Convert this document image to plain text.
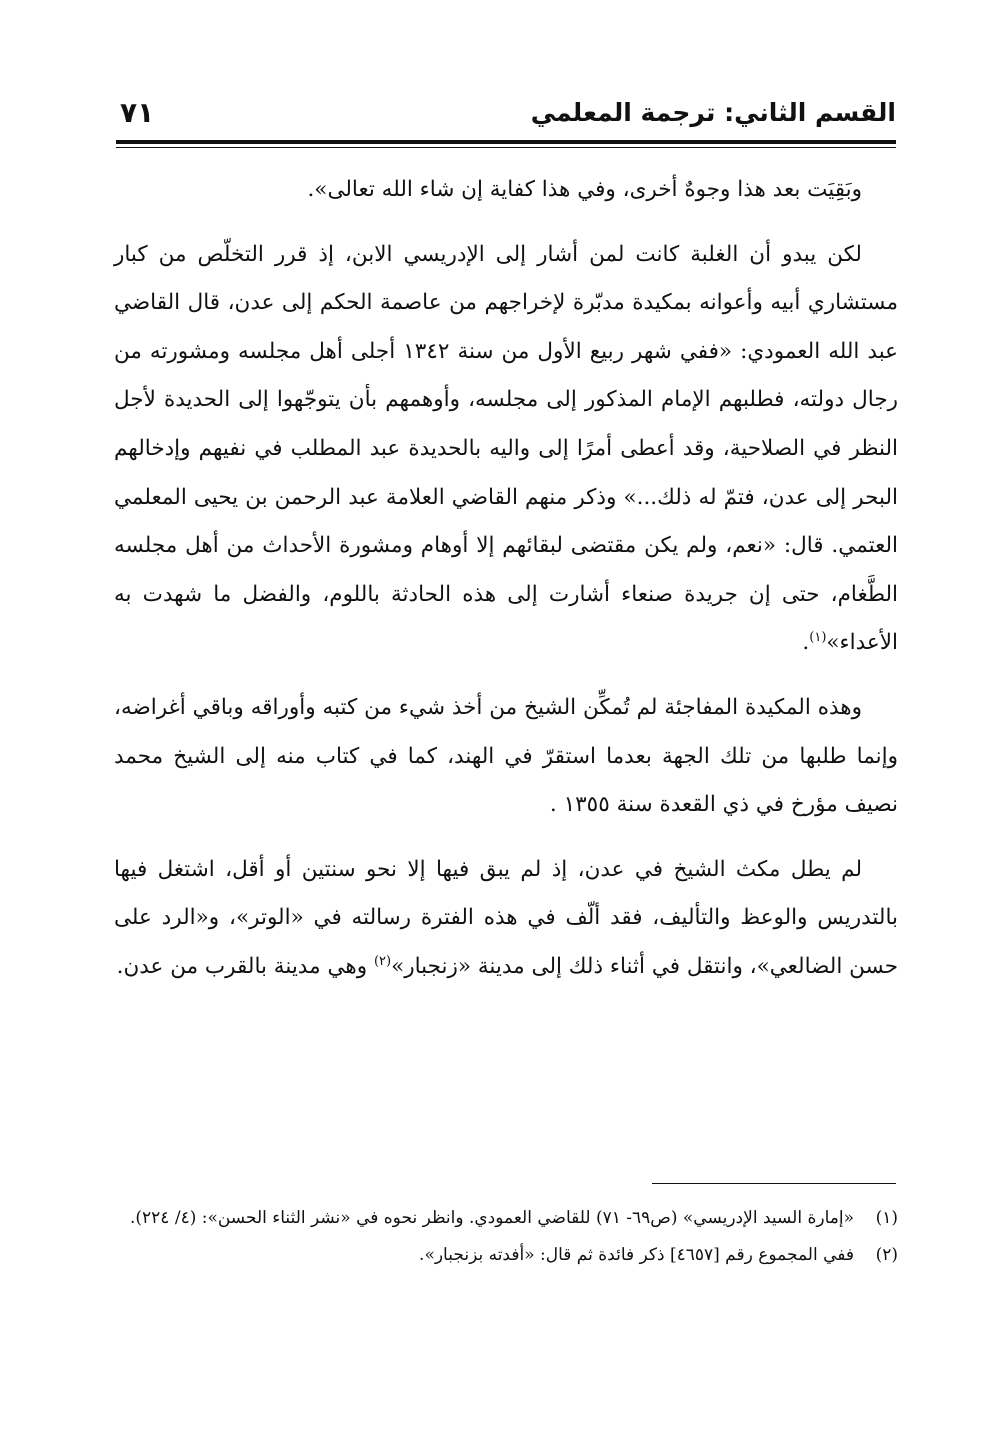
القسم الثاني: ترجمة المعلمي
٧١

وبَقِيَت بعد هذا وجوهٌ أخرى، وفي هذا كفاية إن شاء الله تعالى».

لكن يبدو أن الغلبة كانت لمن أشار إلى الإدريسي الابن، إذ قرر التخلّص من كبار مستشاري أبيه وأعوانه بمكيدة مدبّرة لإخراجهم من عاصمة الحكم إلى عدن، قال القاضي عبد الله العمودي: «ففي شهر ربيع الأول من سنة ١٣٤٢ أجلى أهل مجلسه ومشورته من رجال دولته، فطلبهم الإمام المذكور إلى مجلسه، وأوهمهم بأن يتوجّهوا إلى الحديدة لأجل النظر في الصلاحية، وقد أعطى أمرًا إلى واليه بالحديدة عبد المطلب في نفيهم وإدخالهم البحر إلى عدن، فتمّ له ذلك...» وذكر منهم القاضي العلامة عبد الرحمن بن يحيى المعلمي العتمي. قال: «نعم، ولم يكن مقتضى لبقائهم إلا أوهام ومشورة الأحداث من أهل مجلسه الطَّغام، حتى إن جريدة صنعاء أشارت إلى هذه الحادثة باللوم، والفضل ما شهدت به الأعداء»$^{(١)}$.

وهذه المكيدة المفاجئة لم تُمكِّن الشيخ من أخذ شيء من كتبه وأوراقه وباقي أغراضه، وإنما طلبها من تلك الجهة بعدما استقرّ في الهند، كما في كتاب منه إلى الشيخ محمد نصيف مؤرخ في ذي القعدة سنة ١٣٥٥ .

لم يطل مكث الشيخ في عدن، إذ لم يبق فيها إلا نحو سنتين أو أقل، اشتغل فيها بالتدريس والوعظ والتأليف، فقد ألّف في هذه الفترة رسالته في «الوتر»، و«الرد على حسن الضالعي»، وانتقل في أثناء ذلك إلى مدينة «زنجبار»$^{(٢)}$ وهي مدينة بالقرب من عدن.

(١)
«إمارة السيد الإدريسي» (ص٦٩- ٧١) للقاضي العمودي. وانظر نحوه في «نشر الثناء الحسن»: (٤/ ٢٢٤).

(٢)
ففي المجموع رقم [٤٦٥٧] ذكر فائدة ثم قال: «أفدته بزنجبار».
